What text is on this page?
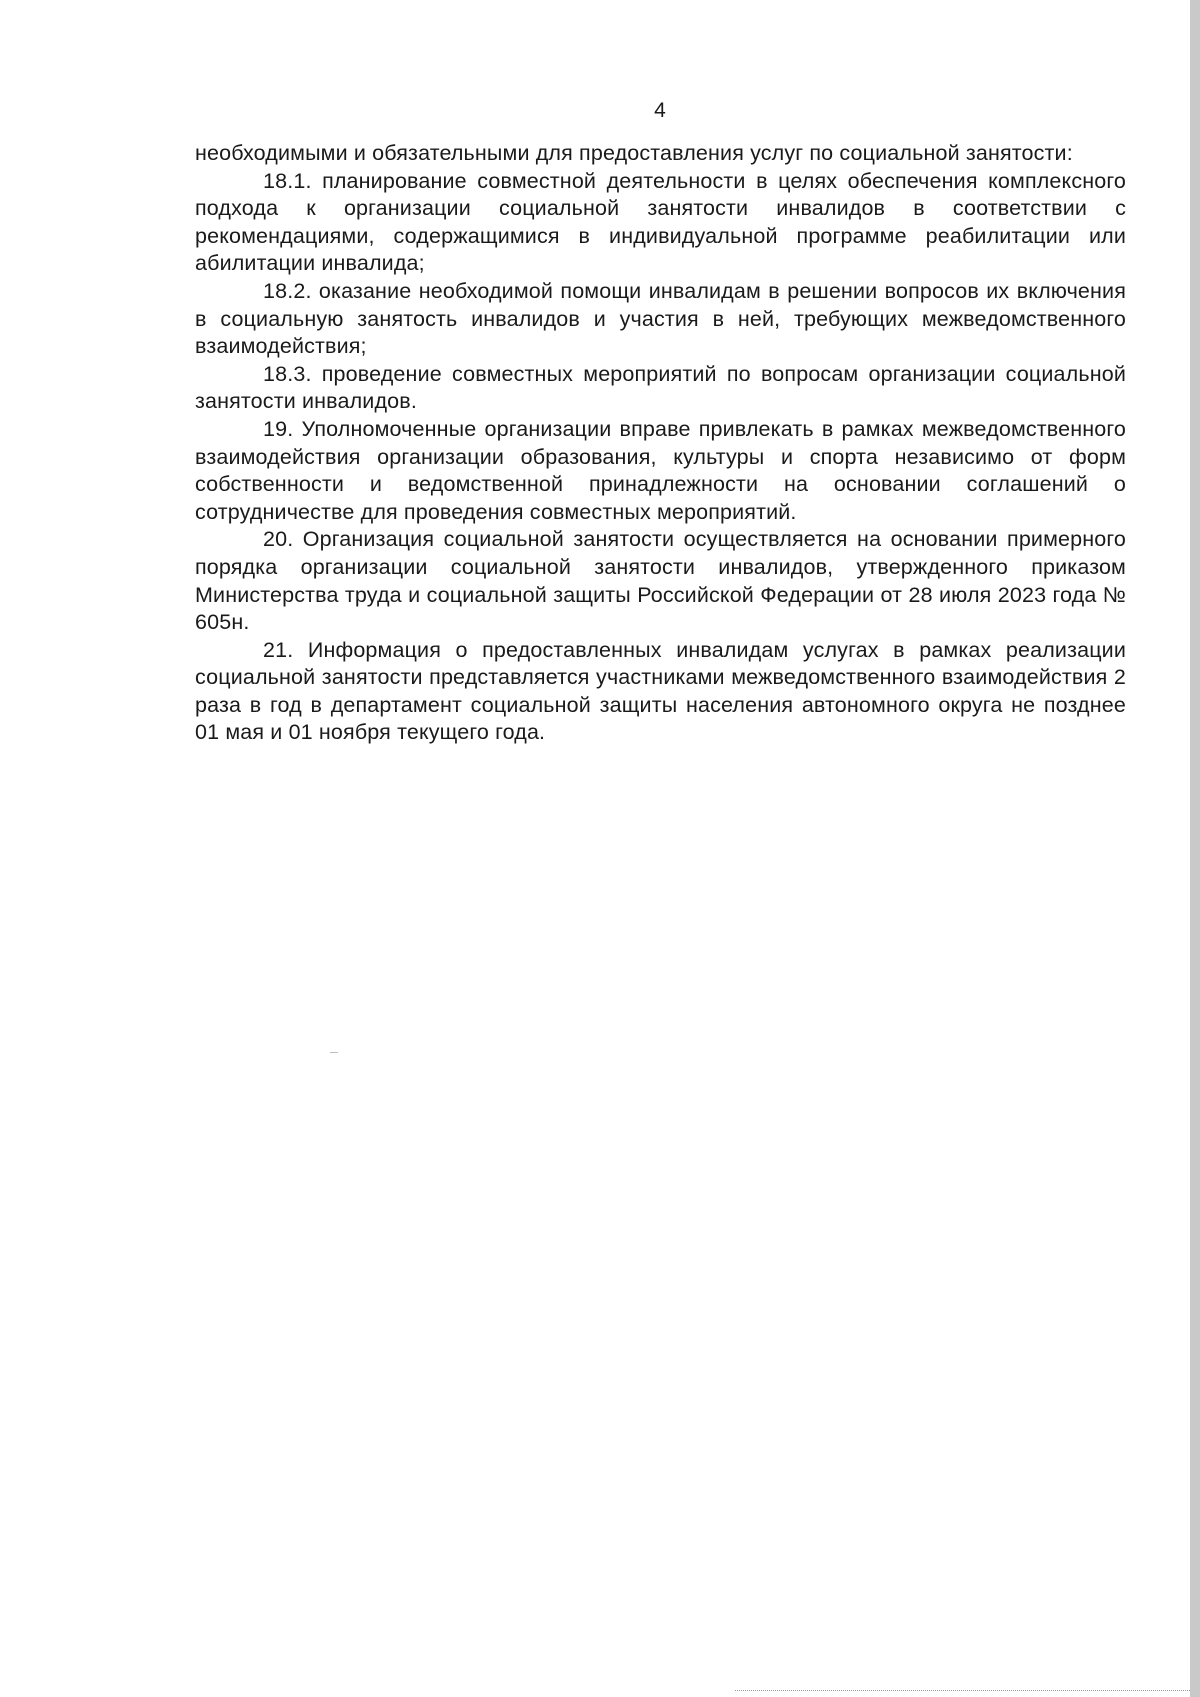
4

необходимыми и обязательными для предоставления услуг по социальной занятости:

18.1. планирование совместной деятельности в целях обеспечения комплексного подхода к организации социальной занятости инвалидов в соответствии с рекомендациями, содержащимися в индивидуальной программе реабилитации или абилитации инвалида;

18.2. оказание необходимой помощи инвалидам в решении вопросов их включения в социальную занятость инвалидов и участия в ней, требующих межведомственного взаимодействия;

18.3. проведение совместных мероприятий по вопросам организации социальной занятости инвалидов.

19. Уполномоченные организации вправе привлекать в рамках межведомственного взаимодействия организации образования, культуры и спорта независимо от форм собственности и ведомственной принадлежности на основании соглашений о сотрудничестве для проведения совместных мероприятий.

20. Организация социальной занятости осуществляется на основании примерного порядка организации социальной занятости инвалидов, утвержденного приказом Министерства труда и социальной защиты Российской Федерации от 28 июля 2023 года № 605н.

21. Информация о предоставленных инвалидам услугах в рамках реализации социальной занятости представляется участниками межведомственного взаимодействия 2 раза в год в департамент социальной защиты населения автономного округа не позднее 01 мая и 01 ноября текущего года.
